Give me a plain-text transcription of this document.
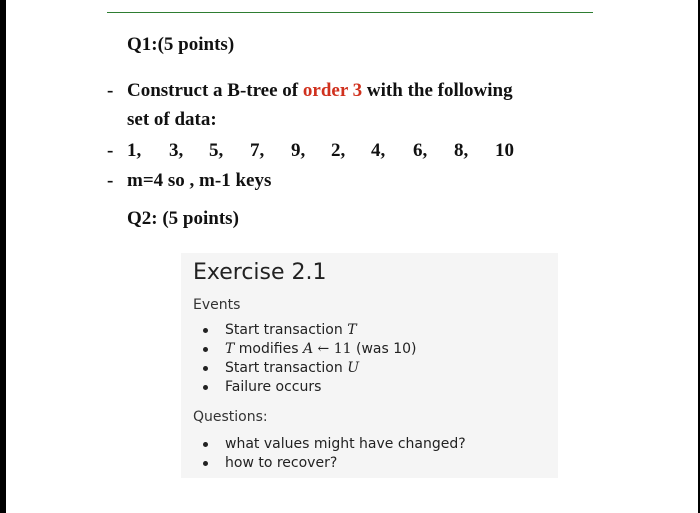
Q1:(5 points)
- Construct a B-tree of order 3 with the following
set of data:
- 1,	3,	5,	7,	9,	2,	4,	6,	8,	10
- m=4 so , m-1 keys
Q2: (5 points)
Exercise 2.1
Events
Start transaction T
T modifies A ← 11 (was 10)
Start transaction U
Failure occurs
Questions:
what values might have changed?
how to recover?
